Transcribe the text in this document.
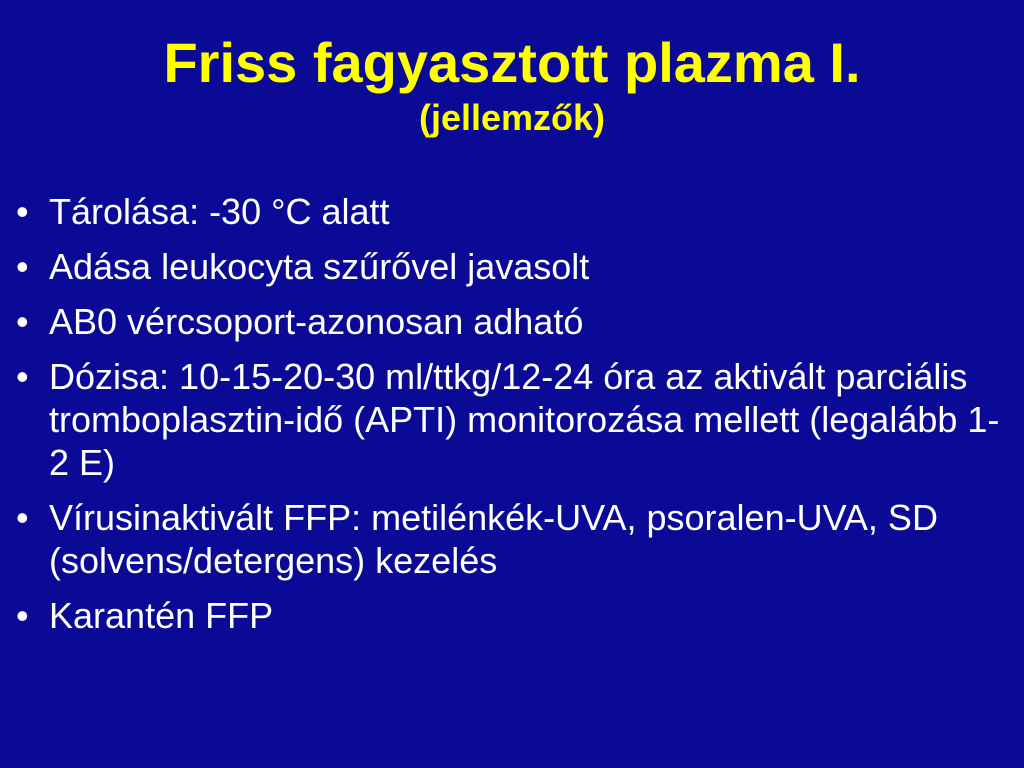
Friss fagyasztott plazma I.
(jellemzők)
• Tárolása: -30 °C alatt
• Adása leukocyta szűrővel javasolt
• AB0 vércsoport-azonosan adható
• Dózisa: 10-15-20-30 ml/ttkg/12-24 óra az aktivált parciális tromboplasztin-idő (APTI) monitorozása mellett (legalább 1-2 E)
• Vírusinaktivált FFP: metilénkék-UVA, psoralen-UVA, SD (solvens/detergens) kezelés
• Karantén FFP
